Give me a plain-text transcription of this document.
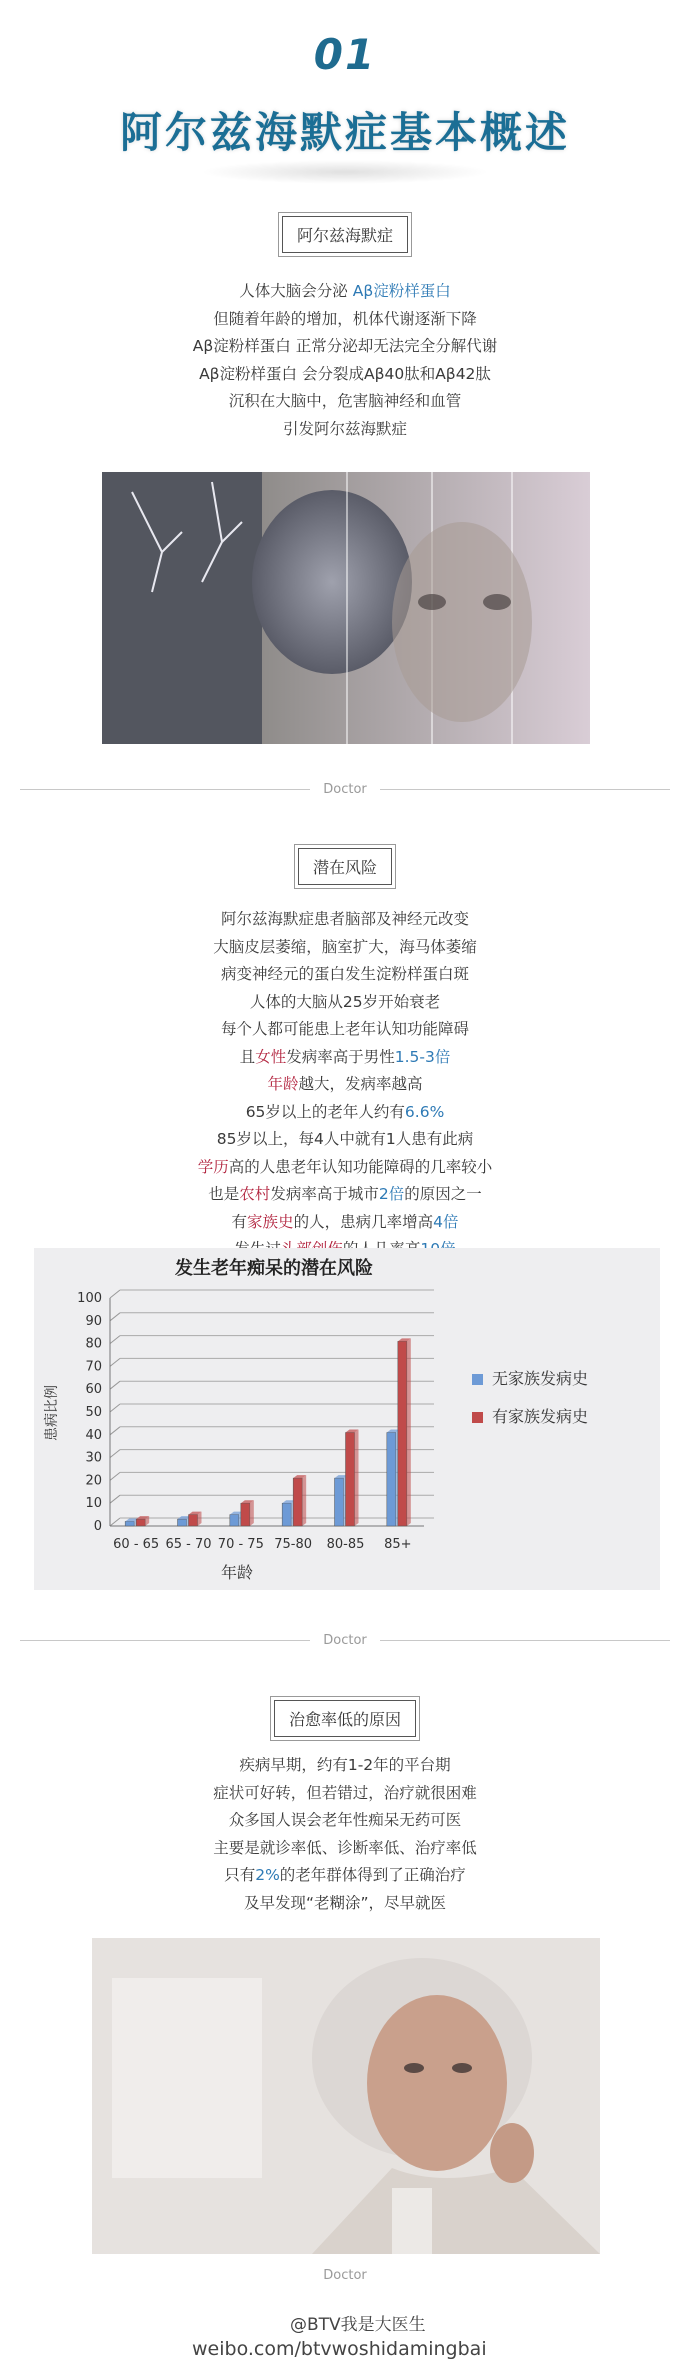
01
阿尔兹海默症基本概述
阿尔兹海默症
人体大脑会分泌 Aβ淀粉样蛋白
但随着年龄的增加，机体代谢逐渐下降
Aβ淀粉样蛋白 正常分泌却无法完全分解代谢
Aβ淀粉样蛋白 会分裂成Aβ40肽和Aβ42肽
沉积在大脑中，危害脑神经和血管
引发阿尔兹海默症
Doctor
潜在风险
阿尔兹海默症患者脑部及神经元改变
大脑皮层萎缩，脑室扩大，海马体萎缩
病变神经元的蛋白发生淀粉样蛋白斑
人体的大脑从25岁开始衰老
每个人都可能患上老年认知功能障碍
且女性发病率高于男性1.5-3倍
年龄越大，发病率越高
65岁以上的老年人约有6.6%
85岁以上，每4人中就有1人患有此病
学历高的人患老年认知功能障碍的几率较小
也是农村发病率高于城市2倍的原因之一
有家族史的人，患病几率增高4倍
发生老年痴呆的潜在风险
0
10
20
30
40
50
60
70
80
90
100
60 - 65 65 - 70 70 - 75 75-80 80-85 85+
年龄
患病比例
无家族发病史
有家族发病史
Doctor
治愈率低的原因
疾病早期，约有1-2年的平台期
症状可好转，但若错过，治疗就很困难
众多国人误会老年性痴呆无药可医
主要是就诊率低、诊断率低、治疗率低
只有2%的老年群体得到了正确治疗
及早发现“老糊涂”，尽早就医
Doctor
@BTV我是大医生
weibo.com/btvwoshidamingbai
